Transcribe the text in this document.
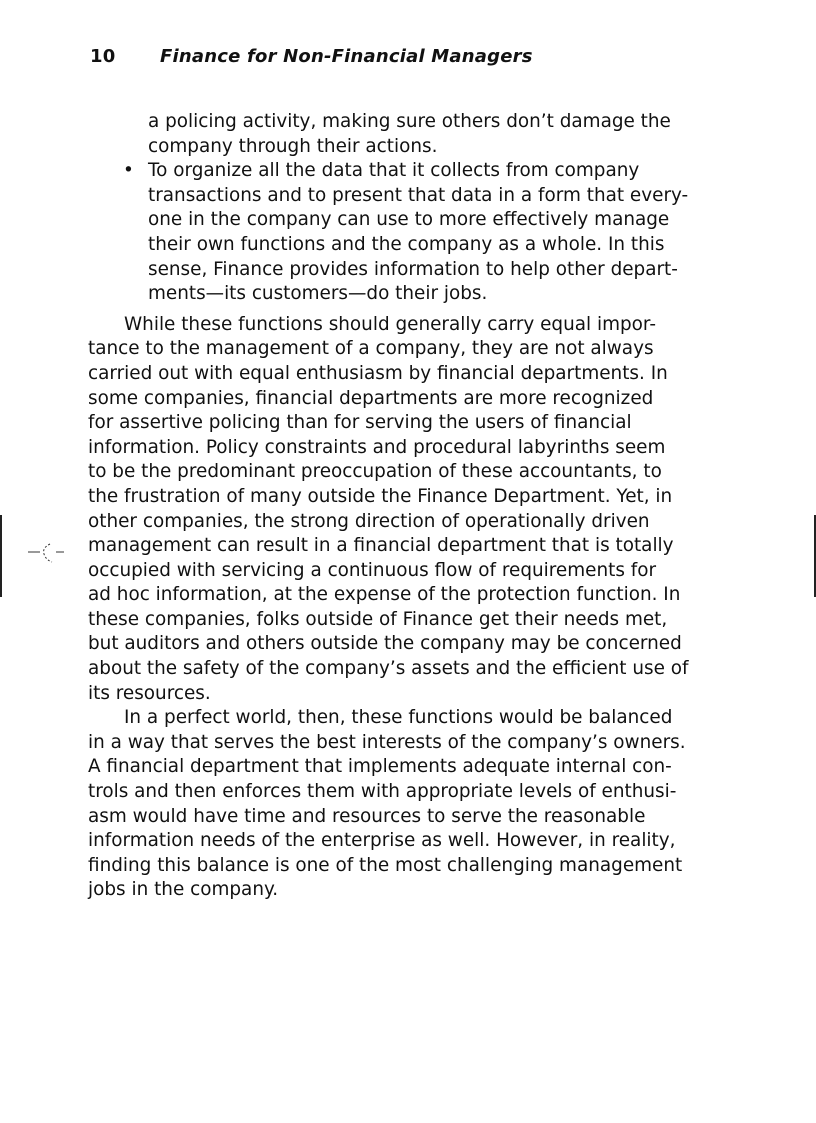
10 Finance for Non-Financial Managers
a policing activity, making sure others don’t damage the
company through their actions.
• To organize all the data that it collects from company
transactions and to present that data in a form that every-
one in the company can use to more effectively manage
their own functions and the company as a whole. In this
sense, Finance provides information to help other depart-
ments—its customers—do their jobs.
While these functions should generally carry equal impor-
tance to the management of a company, they are not always
carried out with equal enthusiasm by financial departments. In
some companies, financial departments are more recognized
for assertive policing than for serving the users of financial
information. Policy constraints and procedural labyrinths seem
to be the predominant preoccupation of these accountants, to
the frustration of many outside the Finance Department. Yet, in
other companies, the strong direction of operationally driven
management can result in a financial department that is totally
occupied with servicing a continuous flow of requirements for
ad hoc information, at the expense of the protection function. In
these companies, folks outside of Finance get their needs met,
but auditors and others outside the company may be concerned
about the safety of the company’s assets and the efficient use of
its resources.
In a perfect world, then, these functions would be balanced
in a way that serves the best interests of the company’s owners.
A financial department that implements adequate internal con-
trols and then enforces them with appropriate levels of enthusi-
asm would have time and resources to serve the reasonable
information needs of the enterprise as well. However, in reality,
finding this balance is one of the most challenging management
jobs in the company.
